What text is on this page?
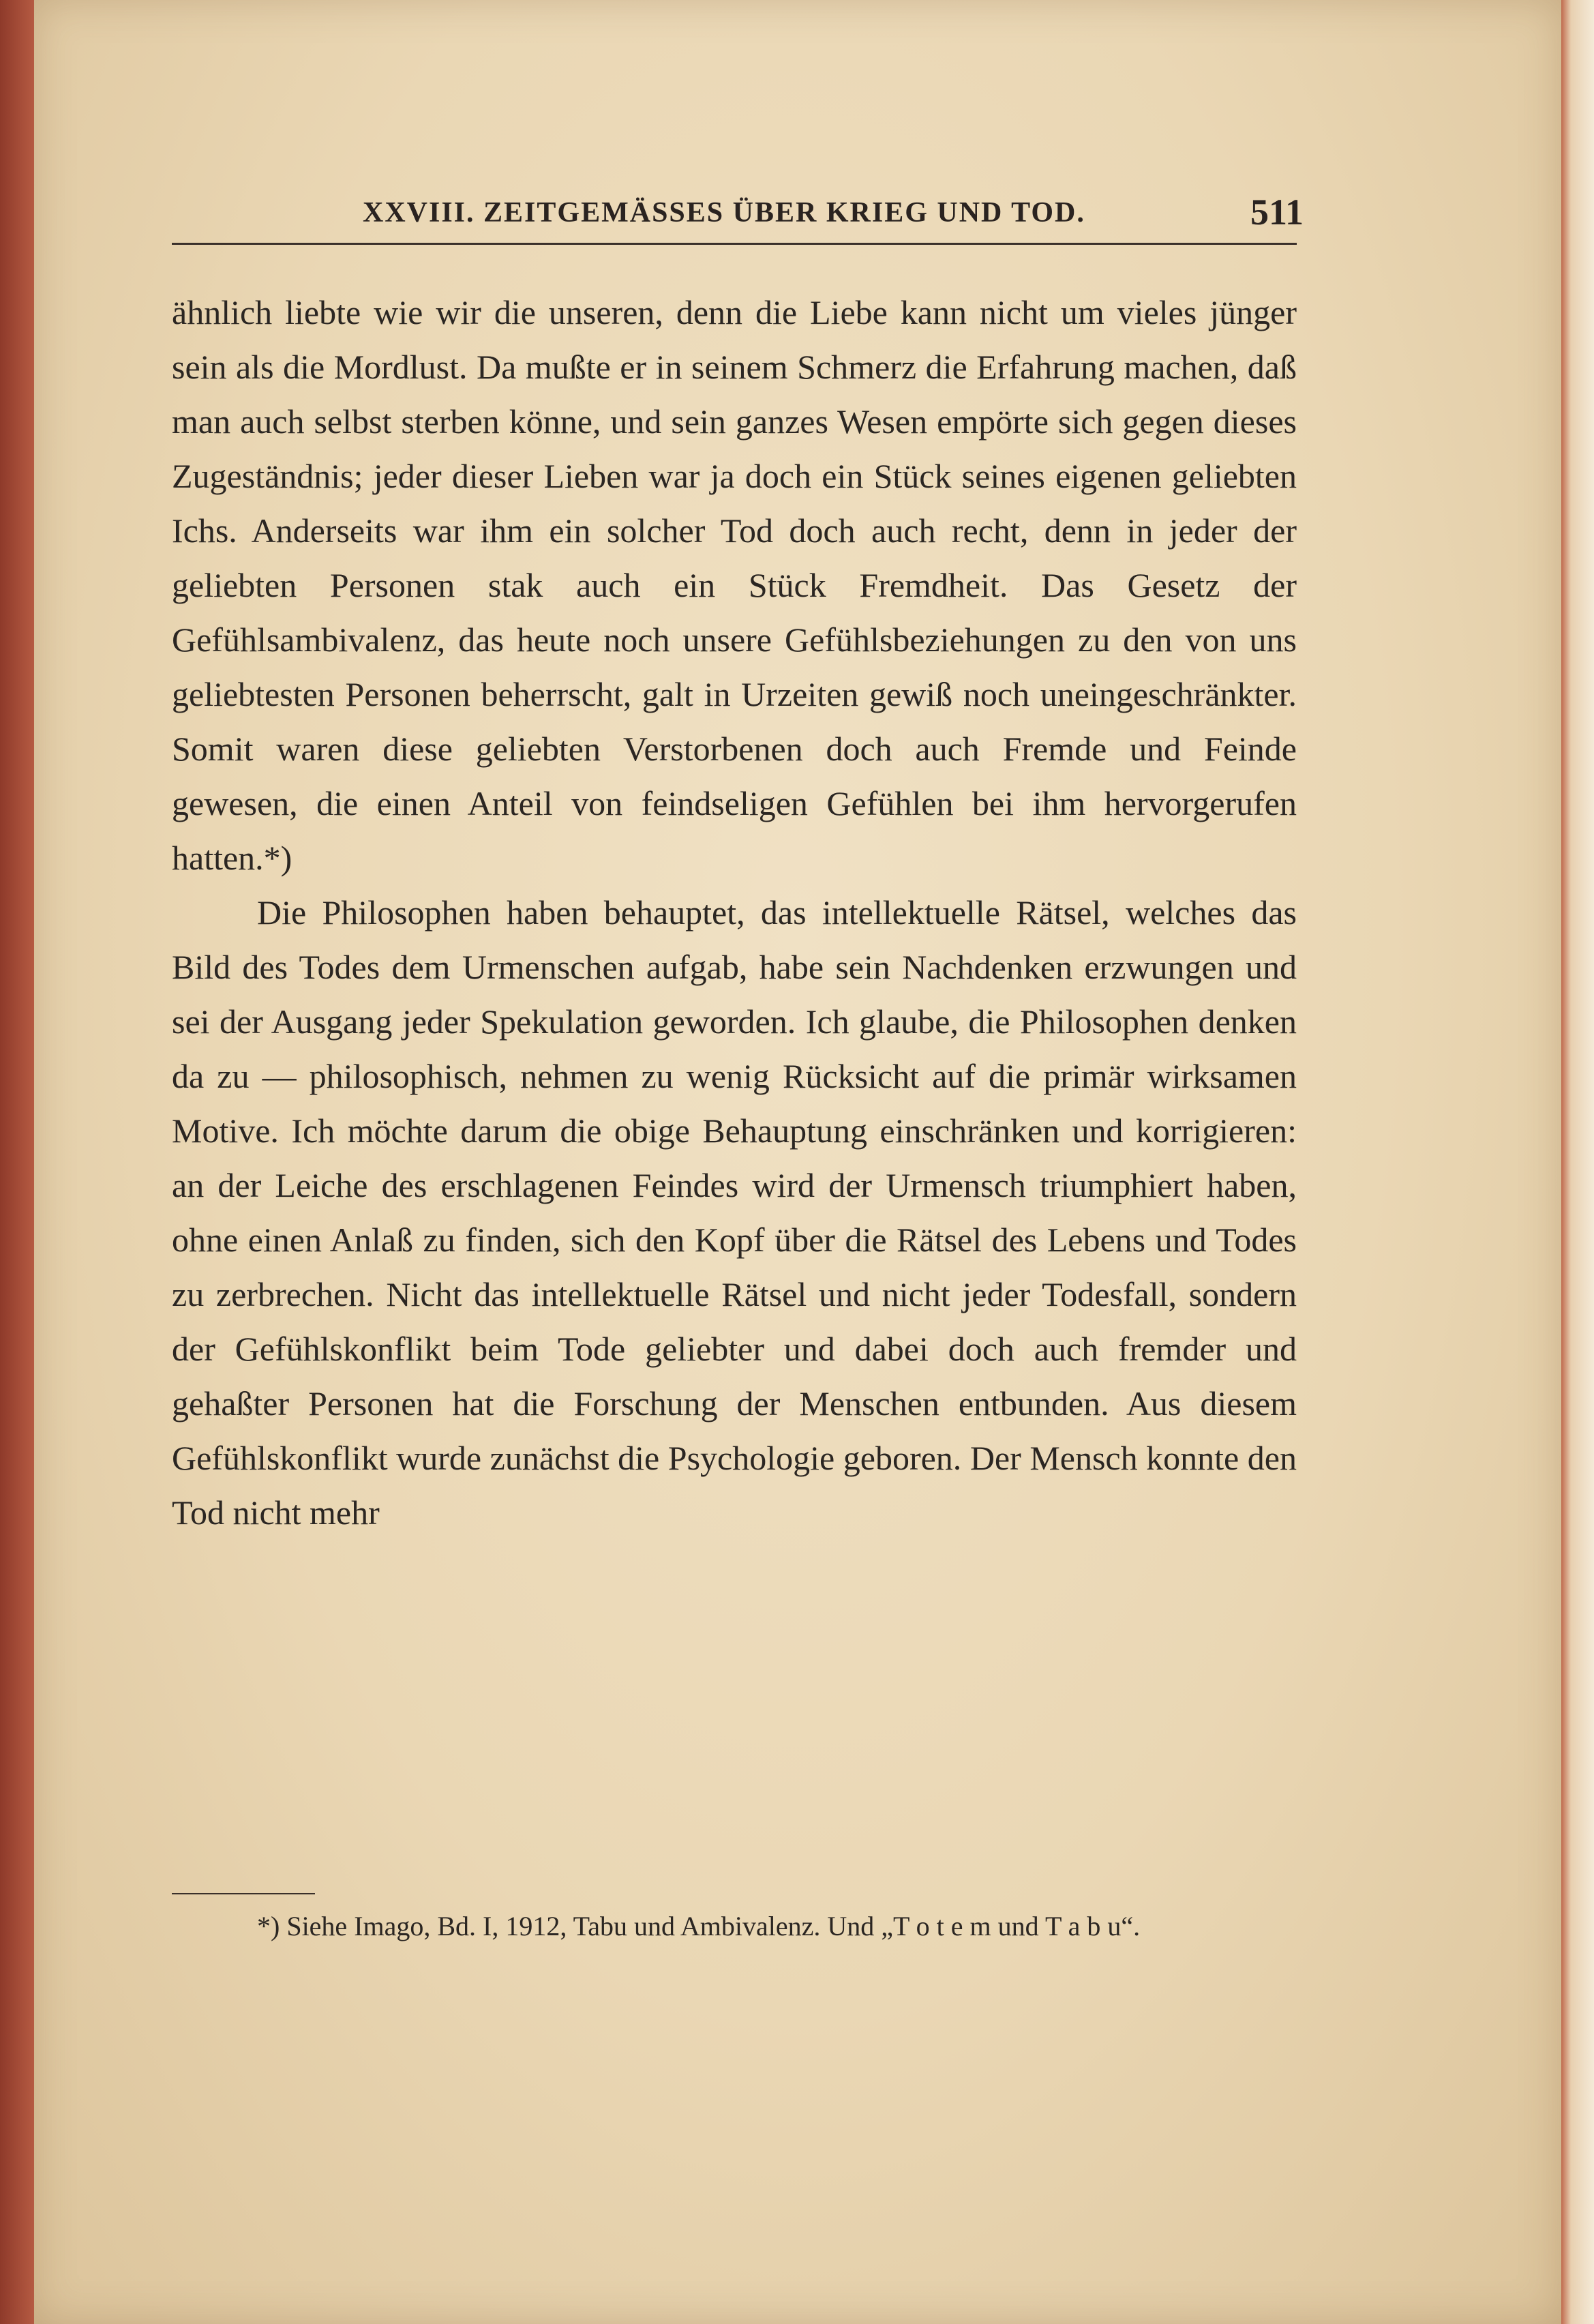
XXVIII. ZEITGEMÄSSES ÜBER KRIEG UND TOD.	511

ähnlich liebte wie wir die unseren, denn die Liebe kann nicht um vieles jünger sein als die Mordlust. Da mußte er in seinem Schmerz die Erfahrung machen, daß man auch selbst sterben könne, und sein ganzes Wesen empörte sich gegen dieses Zugeständnis; jeder dieser Lieben war ja doch ein Stück seines eigenen geliebten Ichs. Anderseits war ihm ein solcher Tod doch auch recht, denn in jeder der geliebten Personen stak auch ein Stück Fremdheit. Das Gesetz der Gefühlsambivalenz, das heute noch unsere Gefühlsbeziehungen zu den von uns geliebtesten Personen beherrscht, galt in Urzeiten gewiß noch uneingeschränkter. Somit waren diese geliebten Verstorbenen doch auch Fremde und Feinde gewesen, die einen Anteil von feindseligen Gefühlen bei ihm hervorgerufen hatten.*)

Die Philosophen haben behauptet, das intellektuelle Rätsel, welches das Bild des Todes dem Urmenschen aufgab, habe sein Nachdenken erzwungen und sei der Ausgang jeder Spekulation geworden. Ich glaube, die Philosophen denken da zu — philosophisch, nehmen zu wenig Rücksicht auf die primär wirksamen Motive. Ich möchte darum die obige Behauptung einschränken und korrigieren: an der Leiche des erschlagenen Feindes wird der Urmensch triumphiert haben, ohne einen Anlaß zu finden, sich den Kopf über die Rätsel des Lebens und Todes zu zerbrechen. Nicht das intellektuelle Rätsel und nicht jeder Todesfall, sondern der Gefühlskonflikt beim Tode geliebter und dabei doch auch fremder und gehaßter Personen hat die Forschung der Menschen entbunden. Aus diesem Gefühlskonflikt wurde zunächst die Psychologie geboren. Der Mensch konnte den Tod nicht mehr

*) Siehe Imago, Bd. I, 1912, Tabu und Ambivalenz. Und „T o t e m und T a b u“.
